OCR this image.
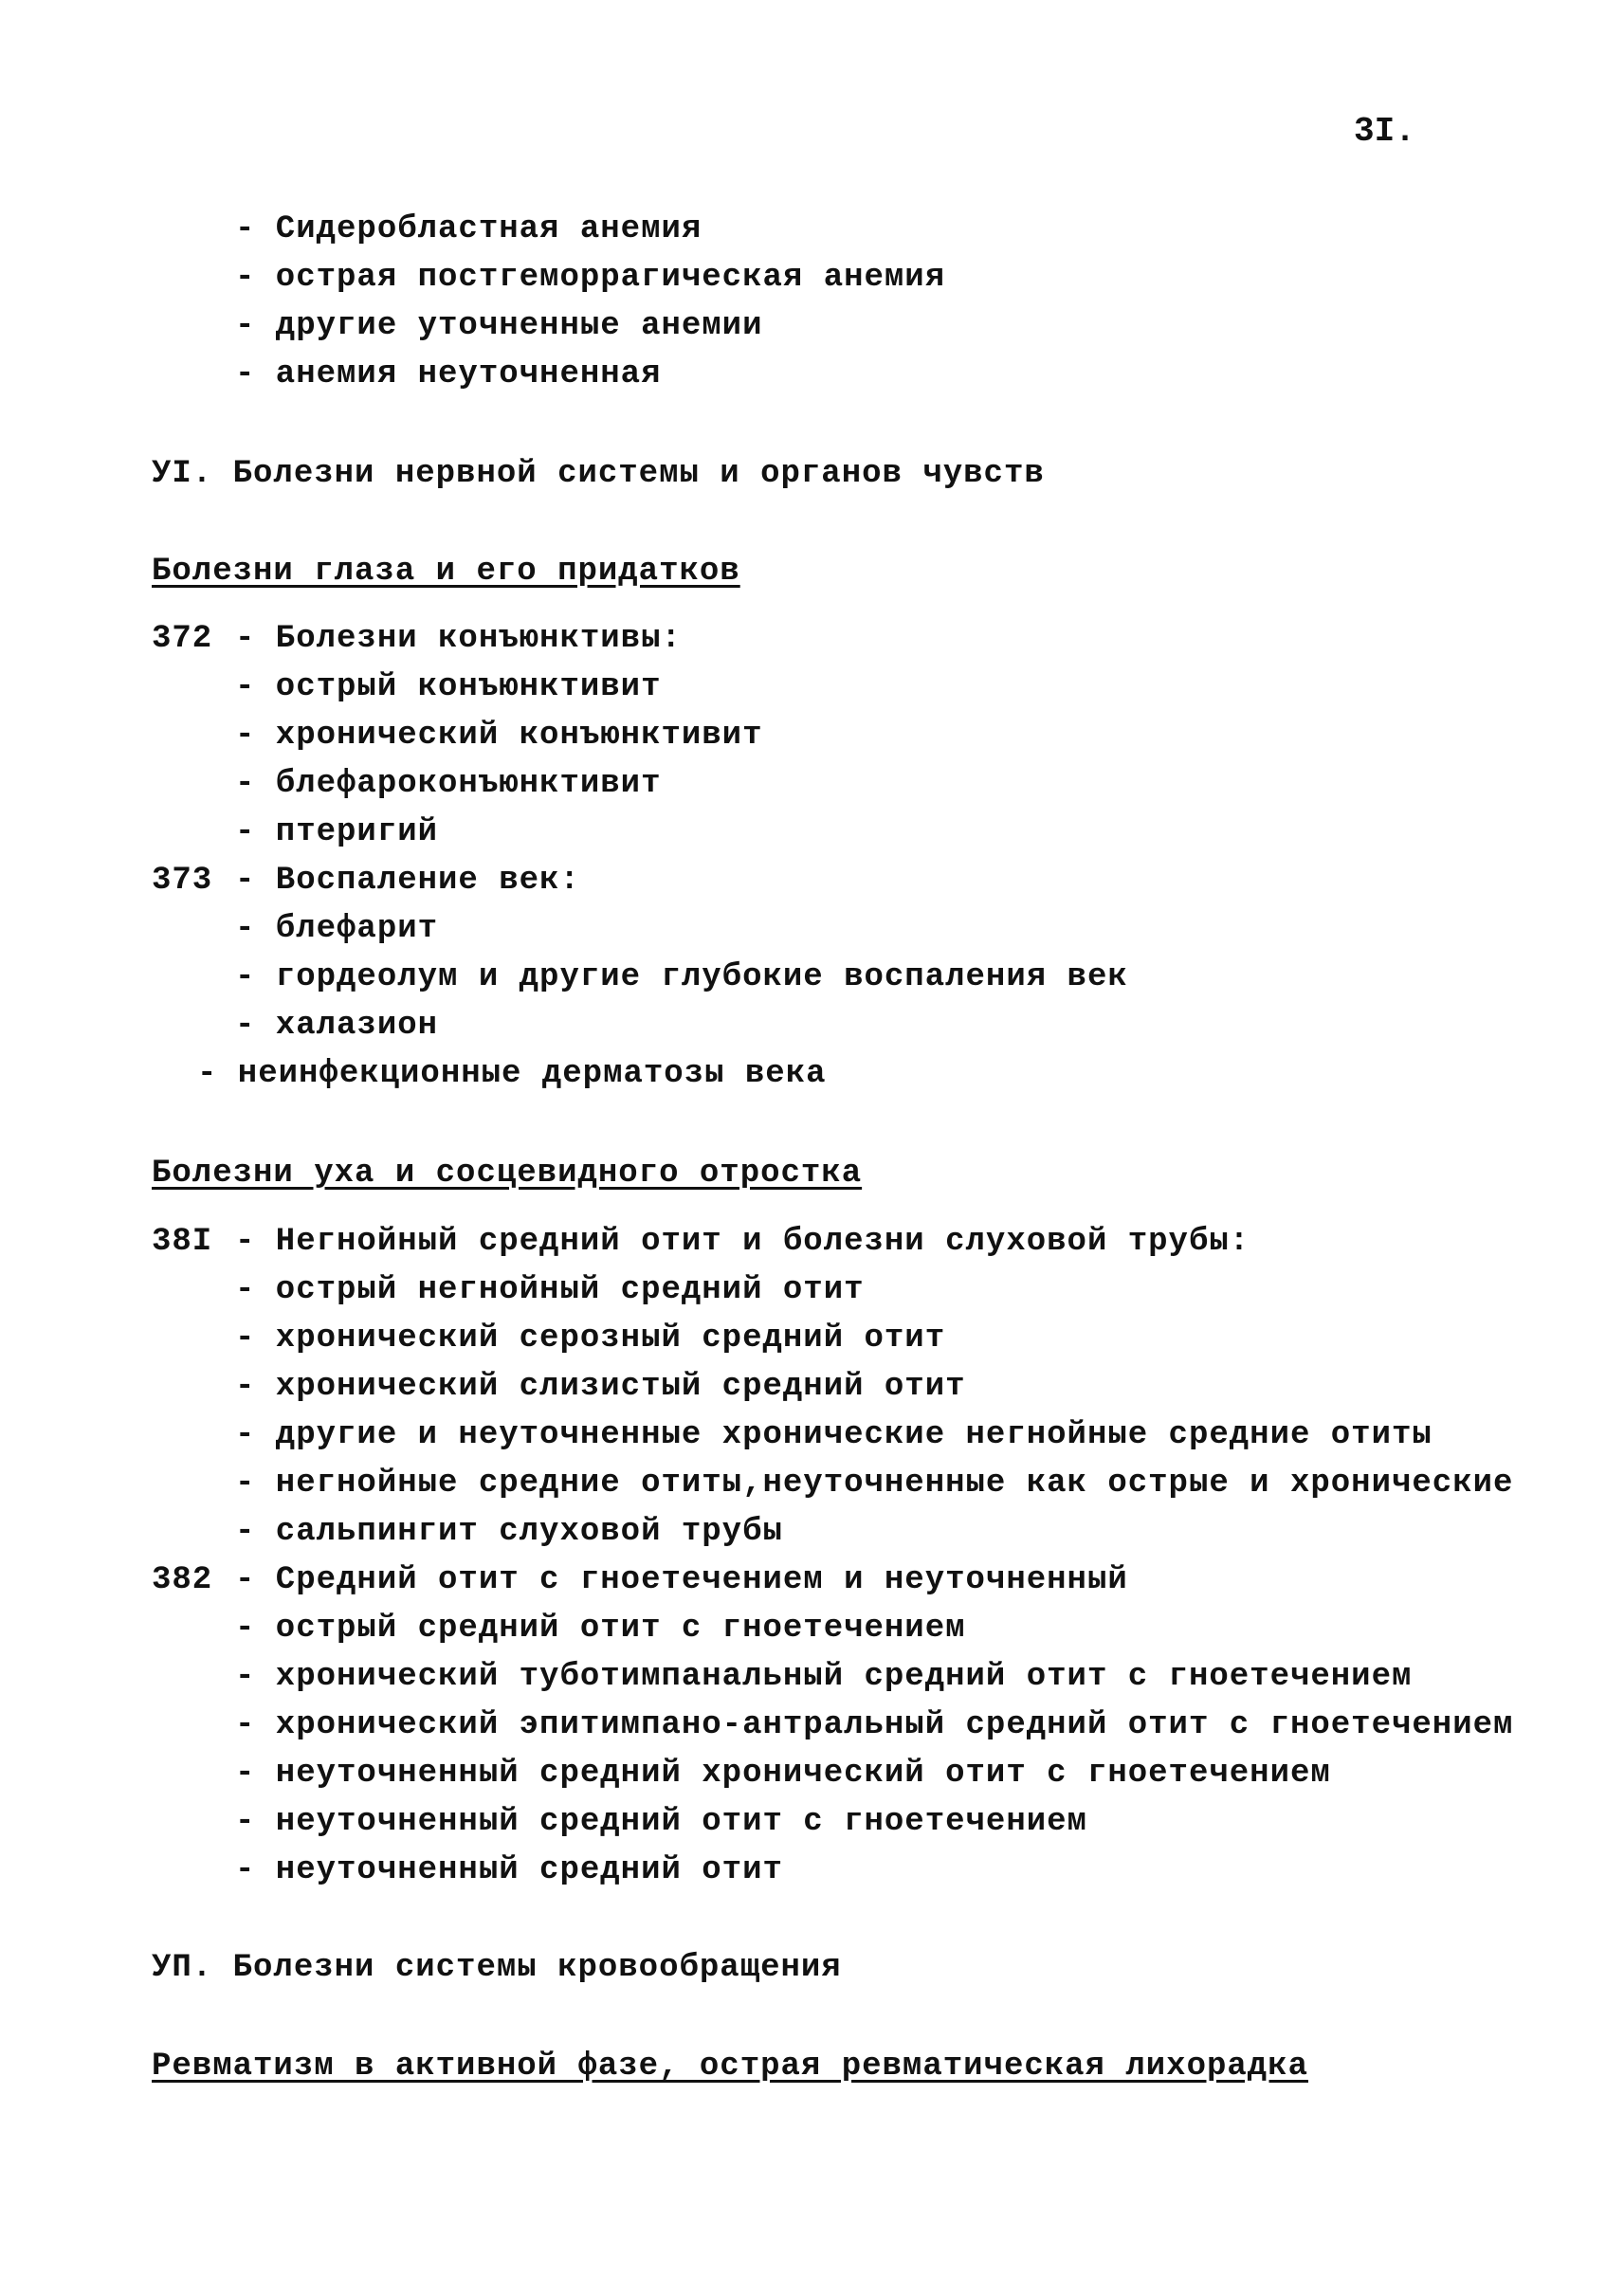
3I.
- Сидеробластная анемия
- острая постгеморрагическая анемия
- другие уточненные анемии
- анемия неуточненная
УI. Болезни нервной системы и органов чувств
Болезни глаза и его придатков
372 - Болезни конъюнктивы:
- острый конъюнктивит
- хронический конъюнктивит
- блефароконъюнктивит
- птеригий
373 - Воспаление век:
- блефарит
- гордеолум и другие глубокие воспаления век
- халазион
- неинфекционные дерматозы века
Болезни уха и сосцевидного отростка
38I - Негнойный средний отит и болезни слуховой трубы:
- острый негнойный средний отит
- хронический серозный средний отит
- хронический слизистый средний отит
- другие и неуточненные хронические негнойные средние отиты
- негнойные средние отиты,неуточненные как острые и хронические
- сальпингит слуховой трубы
382 - Средний отит с гноетечением и неуточненный
- острый средний отит с гноетечением
- хронический туботимпанальный средний отит с гноетечением
- хронический эпитимпано-антральный средний отит с гноетечением
- неуточненный средний хронический отит с гноетечением
- неуточненный средний отит с гноетечением
- неуточненный средний отит
УП. Болезни системы кровообращения
Ревматизм в активной фазе, острая ревматическая лихорадка
